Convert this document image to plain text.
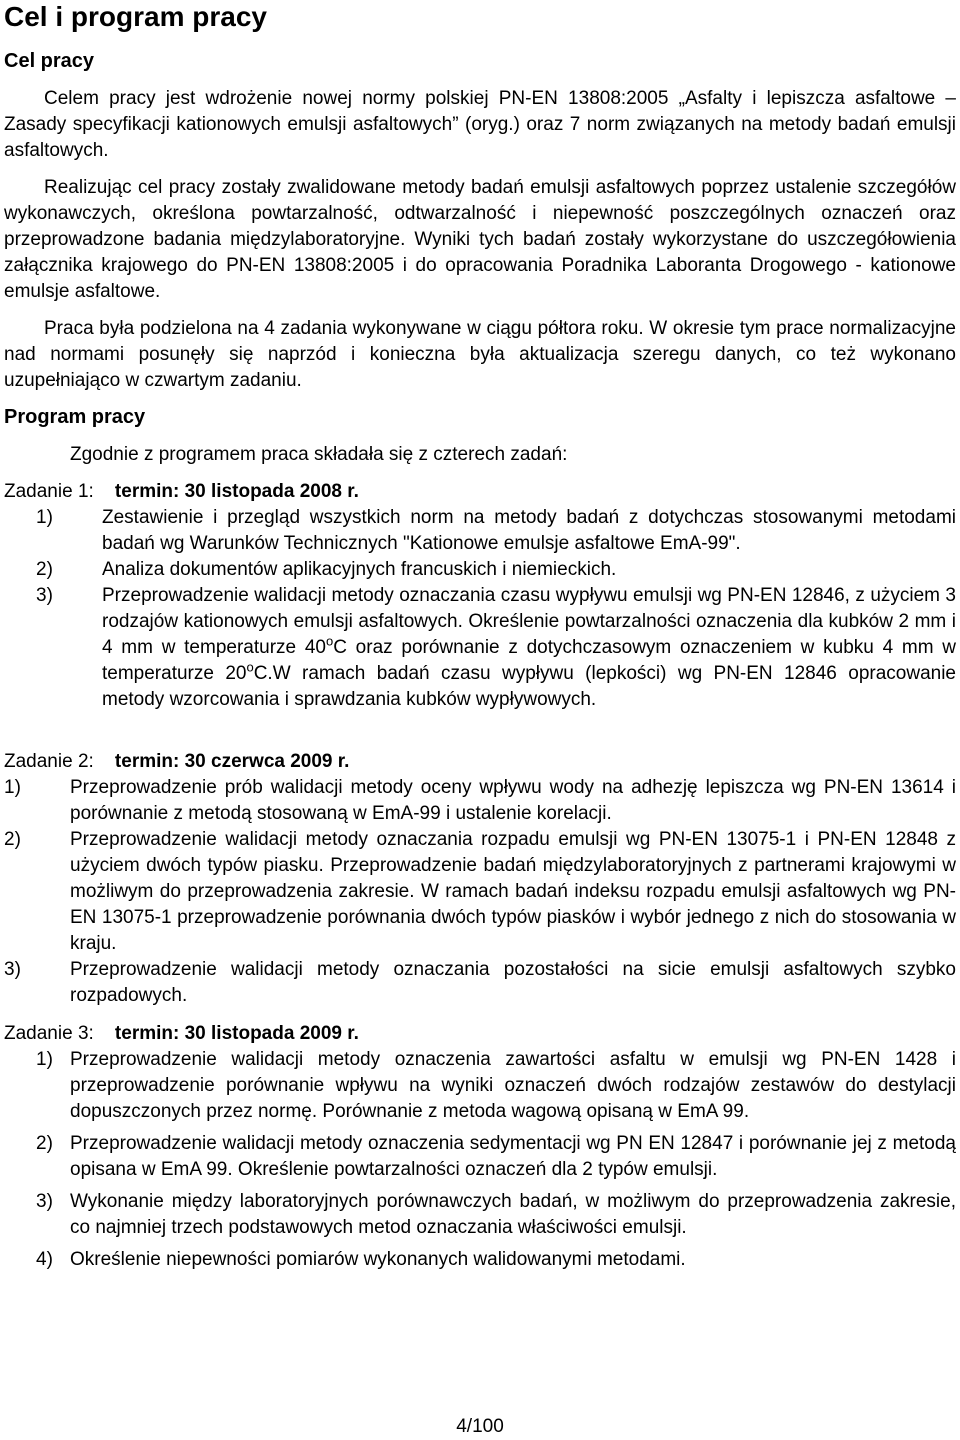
Cel i program pracy
Cel pracy

Celem pracy jest wdrożenie nowej normy polskiej PN-EN 13808:2005 „Asfalty i lepiszcza asfaltowe – Zasady specyfikacji kationowych emulsji asfaltowych” (oryg.) oraz 7 norm związanych na metody badań emulsji asfaltowych.

Realizując cel pracy zostały zwalidowane metody badań emulsji asfaltowych poprzez ustalenie szczegółów wykonawczych, określona powtarzalność, odtwarzalność i niepewność poszczególnych oznaczeń oraz przeprowadzone badania międzylaboratoryjne. Wyniki tych badań zostały wykorzystane do uszczegółowienia załącznika krajowego do PN-EN 13808:2005 i do opracowania Poradnika Laboranta Drogowego - kationowe emulsje asfaltowe.

Praca była podzielona na 4 zadania wykonywane w ciągu półtora roku. W okresie tym prace normalizacyjne nad normami posunęły się naprzód i konieczna była aktualizacja szeregu danych, co też wykonano uzupełniająco w czwartym zadaniu.

Program pracy

Zgodnie z programem praca składała się z czterech zadań:

Zadanie 1: termin: 30 listopada 2008 r.
1)	Zestawienie i przegląd wszystkich norm na metody badań z dotychczas stosowanymi metodami badań wg Warunków Technicznych "Kationowe emulsje asfaltowe EmA-99".
2)	Analiza dokumentów aplikacyjnych francuskich i niemieckich.
3)	Przeprowadzenie walidacji metody oznaczania czasu wypływu emulsji wg PN-EN 12846, z użyciem 3 rodzajów kationowych emulsji asfaltowych. Określenie powtarzalności oznaczenia dla kubków 2 mm i 4 mm w temperaturze 40$^o$C oraz porównanie z dotychczasowym oznaczeniem w kubku 4 mm w temperaturze 20$^o$C.W ramach badań czasu wypływu (lepkości) wg PN-EN 12846 opracowanie metody wzorcowania i sprawdzania kubków wypływowych.
Zadanie 2: termin: 30 czerwca 2009 r.
1)	Przeprowadzenie prób walidacji metody oceny wpływu wody na adhezję lepiszcza wg PN-EN 13614 i porównanie z metodą stosowaną w EmA-99 i ustalenie korelacji.
2)	Przeprowadzenie walidacji metody oznaczania rozpadu emulsji wg PN-EN 13075-1 i PN-EN 12848 z użyciem dwóch typów piasku. Przeprowadzenie badań międzylaboratoryjnych z partnerami krajowymi w możliwym do przeprowadzenia zakresie. W ramach badań indeksu rozpadu emulsji asfaltowych wg PN-EN 13075-1 przeprowadzenie porównania dwóch typów piasków i wybór jednego z nich do stosowania w kraju.
3)	Przeprowadzenie walidacji metody oznaczania pozostałości na sicie emulsji asfaltowych szybko rozpadowych.
Zadanie 3: termin: 30 listopada 2009 r.
1) Przeprowadzenie walidacji metody oznaczenia zawartości asfaltu w emulsji wg PN-EN 1428 i przeprowadzenie porównanie wpływu na wyniki oznaczeń dwóch rodzajów zestawów do destylacji dopuszczonych przez normę. Porównanie z metoda wagową opisaną w EmA 99.
2) Przeprowadzenie walidacji metody oznaczenia sedymentacji wg PN EN 12847 i porównanie jej z metodą opisana w EmA 99. Określenie powtarzalności oznaczeń dla 2 typów emulsji.
3) Wykonanie między laboratoryjnych porównawczych badań, w możliwym do przeprowadzenia zakresie, co najmniej trzech podstawowych metod oznaczania właściwości emulsji.
4) Określenie niepewności pomiarów wykonanych walidowanymi metodami.
4/100
